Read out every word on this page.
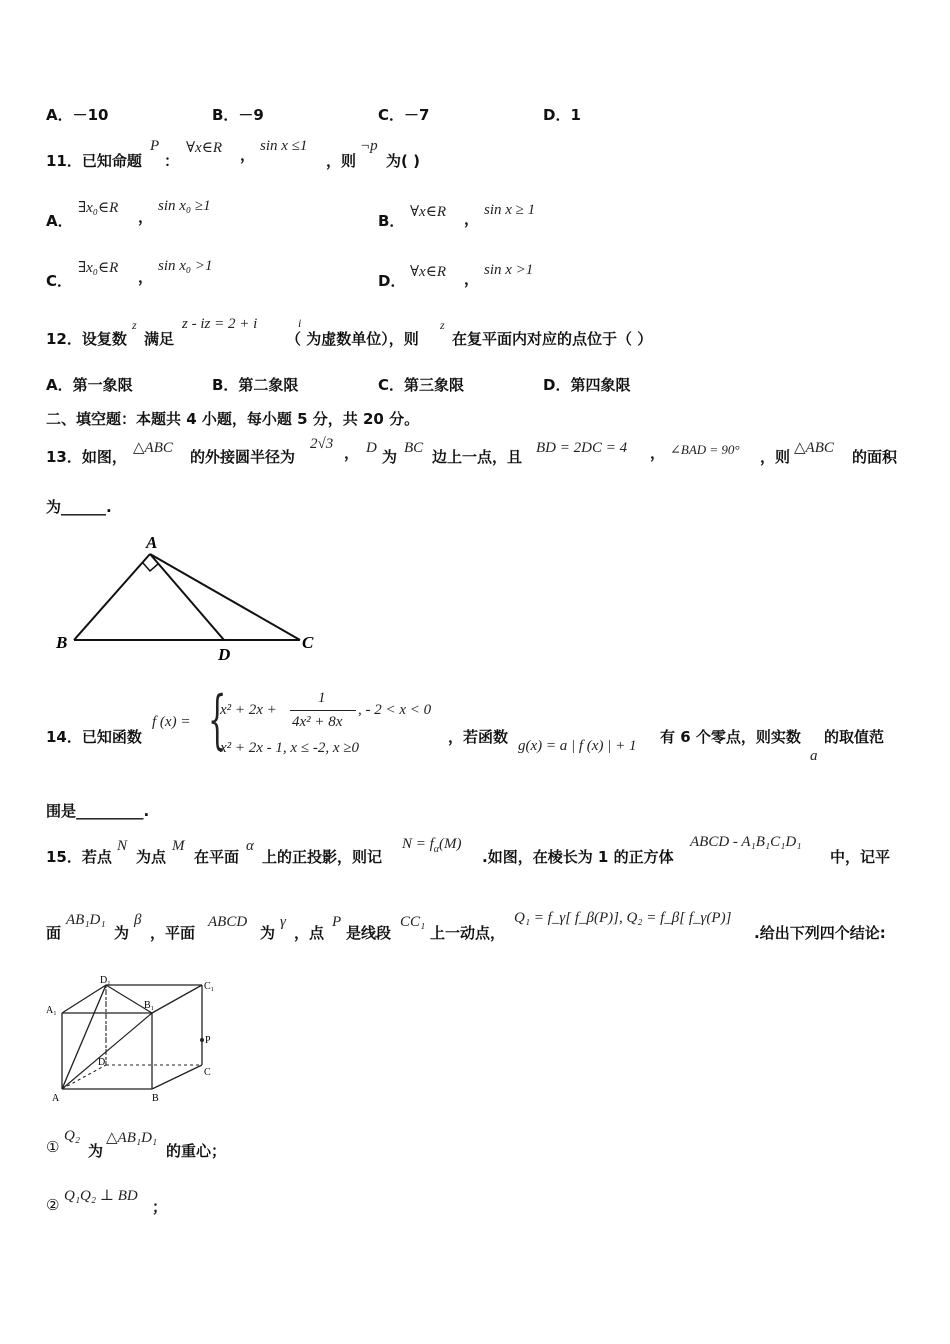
A．－10	B．－9	C．－7	D．1
11．已知命题
P
：
∀x∈R ， sin x ≤1
，则
¬p
为( )
A．
∃x₀∈R ，
sin x₀ ≥1
B． ∀x∈R ， sin x ≥ 1
C．
∃x₀∈R ，
sin x₀ >1
D． ∀x∈R ， sin x >1
12．设复数
z
满足
z - iz = 2 + i	i
（ 为虚数单位），则
z
在复平面内对应的点位于（ ）
A．第一象限	B．第二象限	C．第三象限	D．第四象限
二、填空题：本题共 4 小题，每小题 5 分，共 20 分。
13．如图， △ABC 的外接圆半径为
2√3 ， D 为 BC 边上一点，且 BD = 2DC = 4 ， ∠BAD = 90° ，则 △ABC 的面积
为______.
A
B
D
C
14．已知函数
f (x) = {
x² + 2x +
1
4x² + 8x
, - 2 < x < 0
x² + 2x - 1, x ≤ -2, x ≥0
，若函数 g(x) = a | f (x) | + 1 有 6 个零点，则实数
a
的取值范
围是_________.
15．若点
N
为点
M
在平面
α
上的正投影，则记
$N = f_\alpha(M)$
.如图，在棱长为 1 的正方体
ABCD - A₁B₁C₁D₁
中，记平
面
AB₁D₁
为
β
，平面
ABCD
为
γ
，点
P
是线段
CC₁
上一动点，
Q₁ = f_γ[ f_β(P)], Q₂ = f_β[ f_γ(P)]
.给出下列四个结论:
D₁
C₁
A₁	B₁
P
D
C
A	B
①
Q₂
为
△AB₁D₁
的重心；
② Q₁Q₂ ⊥ BD
；
